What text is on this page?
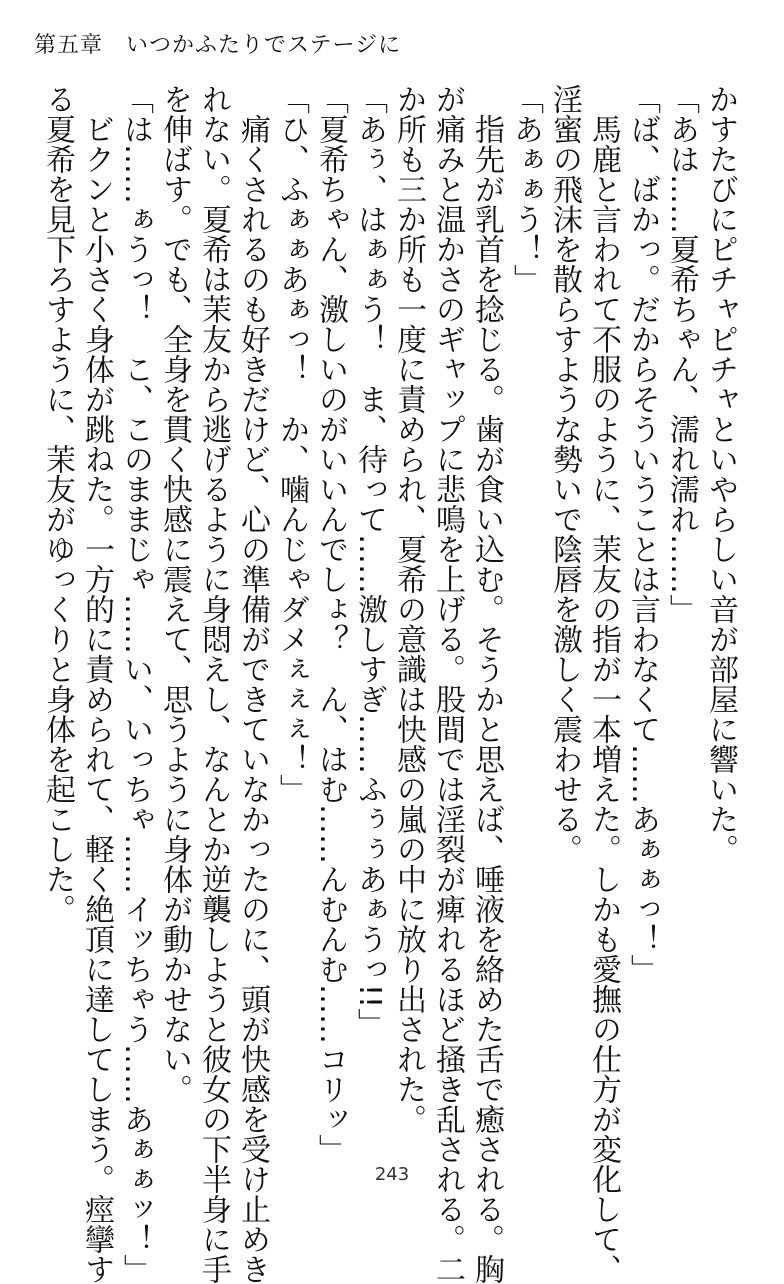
第五章　いつかふたりでステージに
かすたびにピチャピチャといやらしい音が部屋に響いた。
「あは……夏希ちゃん、濡れ濡れ……」
「ば、ばかっ。だからそういうことは言わなくて……あぁぁっ！」
　馬鹿と言われて不服のように、茉友の指が一本増えた。しかも愛撫の仕方が変化して、
淫蜜の飛沫を散らすような勢いで陰唇を激しく震わせる。
「あぁぁう！」
　指先が乳首を捻じる。歯が食い込む。そうかと思えば、唾液を絡めた舌で癒される。胸
が痛みと温かさのギャップに悲鳴を上げる。股間では淫裂が痺れるほど掻き乱される。二
か所も三か所も一度に責められ、夏希の意識は快感の嵐の中に放り出された。
「あぅ、はぁぁう！　ま、待って……激しすぎ……ふぅぅあぁうっ!!」
「夏希ちゃん、激しいのがいいんでしょ？　ん、はむ……んむんむ……コリッ」
「ひ、ふぁぁあぁっ！　か、噛んじゃダメぇぇぇ！」
　痛くされるのも好きだけど、心の準備ができていなかったのに、頭が快感を受け止めき
れない。夏希は茉友から逃げるように身悶えし、なんとか逆襲しようと彼女の下半身に手
を伸ばす。でも、全身を貫く快感に震えて、思うように身体が動かせない。
「は……ぁうっ！　こ、このままじゃ……い、いっちゃ……イッちゃう……あぁぁッ！」
　ビクンと小さく身体が跳ねた。一方的に責められて、軽く絶頂に達してしまう。痙攣す
る夏希を見下ろすように、茉友がゆっくりと身体を起こした。
243
